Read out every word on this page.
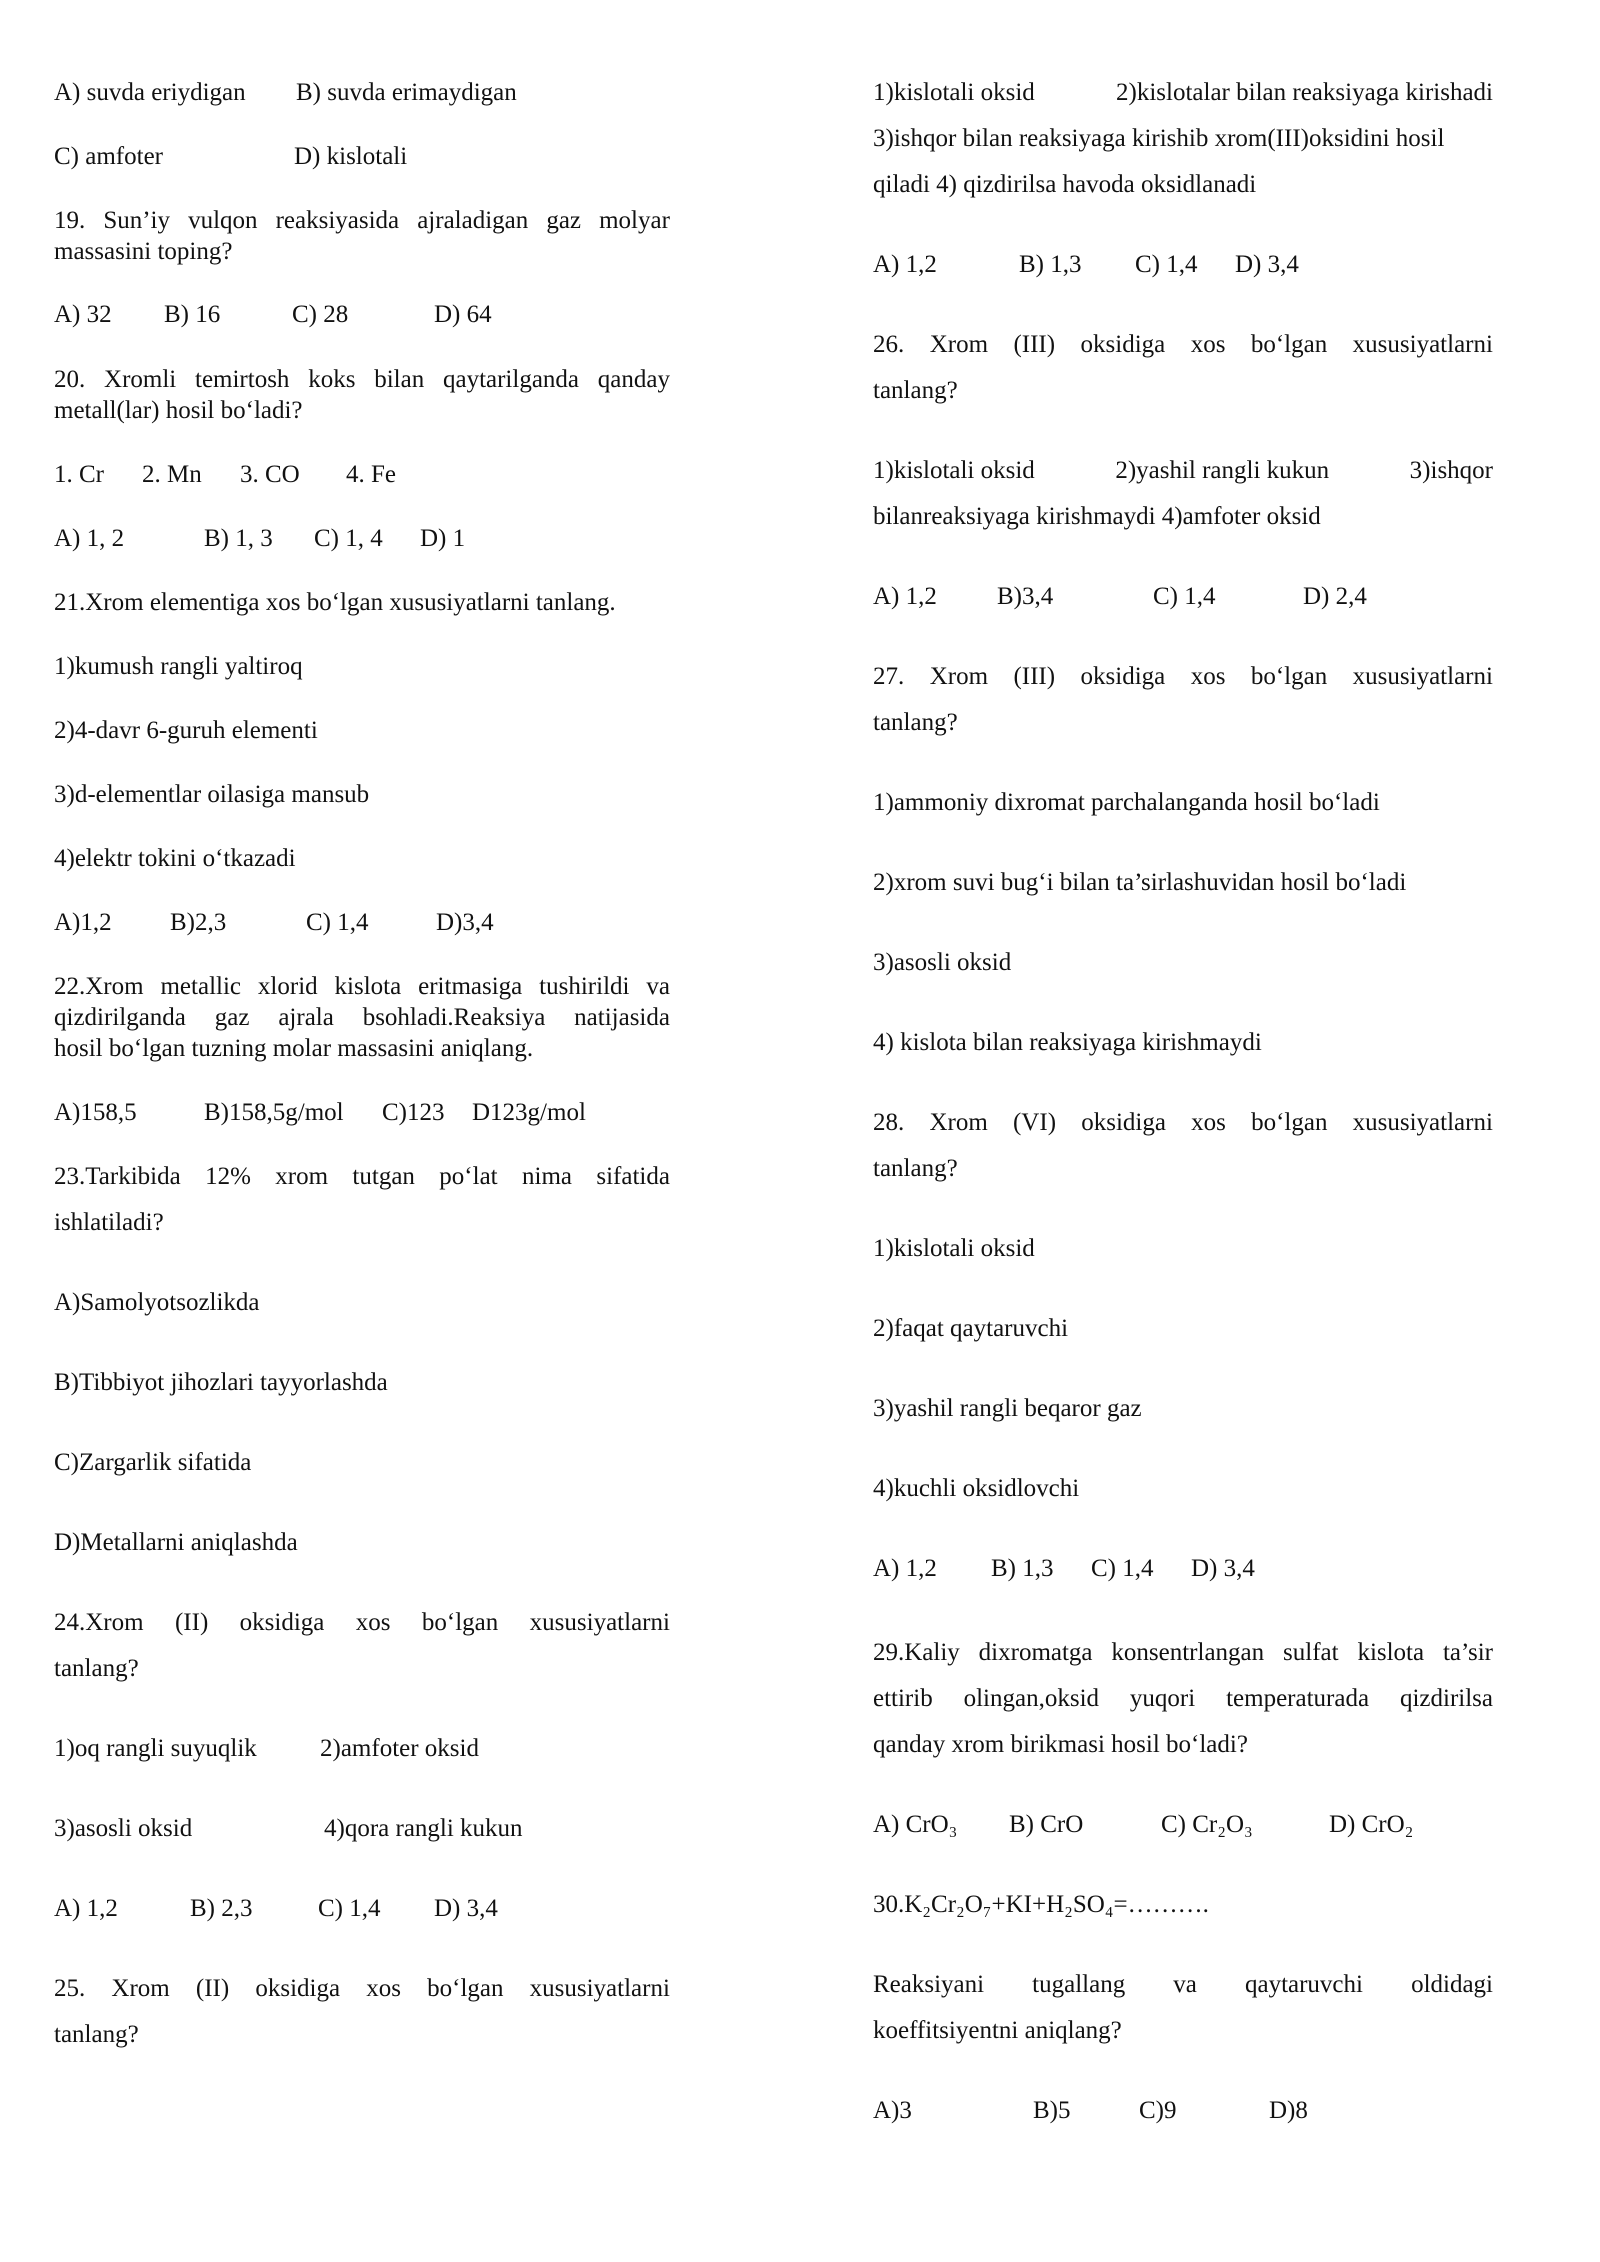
A) suvda eriydigan B) suvda erimaydigan
C) amfoter	D) kislotali
19. Sun’iy vulqon reaksiyasida ajraladigan gaz molyar
massasini toping?
A) 32 B) 16	C) 28	D) 64
20. Xromli temirtosh koks bilan qaytarilganda qanday
metall(lar) hosil bo‘ladi?
1. Cr 2. Mn 3. CO 4. Fe
A) 1, 2	B) 1, 3 C) 1, 4 D) 1
21.Xrom elementiga xos bo‘lgan xususiyatlarni tanlang.
1)kumush rangli yaltiroq
2)4-davr 6-guruh elementi
3)d-elementlar oilasiga mansub
4)elektr tokini o‘tkazadi
A)1,2 B)2,3	C) 1,4	D)3,4
22.Xrom metallic xlorid kislota eritmasiga tushirildi va
qizdirilganda gaz ajrala bsohladi.Reaksiya natijasida
hosil bo‘lgan tuzning molar massasini aniqlang.
A)158,5	B)158,5g/mol C)123 D123g/mol
23.Tarkibida 12% xrom tutgan po‘lat nima sifatida
ishlatiladi?
A)Samolyotsozlikda
B)Tibbiyot jihozlari tayyorlashda
C)Zargarlik sifatida
D)Metallarni aniqlashda
24.Xrom (II) oksidiga xos bo‘lgan xususiyatlarni
tanlang?
1)oq rangli suyuqlik	2)amfoter oksid
3)asosli oksid	4)qora rangli kukun
A) 1,2	B) 2,3	C) 1,4 D) 3,4
25. Xrom (II) oksidiga xos bo‘lgan xususiyatlarni
tanlang?
1)kislotali oksid	2)kislotalar bilan reaksiyaga kirishadi
3)ishqor bilan reaksiyaga kirishib xrom(III)oksidini hosil
qiladi 4) qizdirilsa havoda oksidlanadi
A) 1,2	B) 1,3 C) 1,4 D) 3,4
26. Xrom (III) oksidiga xos bo‘lgan xususiyatlarni
tanlang?
1)kislotali oksid	2)yashil rangli kukun	3)ishqor
bilanreaksiyaga kirishmaydi 4)amfoter oksid
A) 1,2 B)3,4	C) 1,4	D) 2,4
27. Xrom (III) oksidiga xos bo‘lgan xususiyatlarni
tanlang?
1)ammoniy dixromat parchalanganda hosil bo‘ladi
2)xrom suvi bug‘i bilan ta’sirlashuvidan hosil bo‘ladi
3)asosli oksid
4) kislota bilan reaksiyaga kirishmaydi
28. Xrom (VI) oksidiga xos bo‘lgan xususiyatlarni
tanlang?
1)kislotali oksid
2)faqat qaytaruvchi
3)yashil rangli beqaror gaz
4)kuchli oksidlovchi
A) 1,2 B) 1,3 C) 1,4 D) 3,4
29.Kaliy dixromatga konsentrlangan sulfat kislota ta’sir
ettirib olingan,oksid yuqori temperaturada qizdirilsa
qanday xrom birikmasi hosil bo‘ladi?
A) CrO₃ B) CrO	C) Cr₂O₃	D) CrO₂
30.K₂Cr₂O₇+KI+H₂SO₄=……….
Reaksiyani tugallang va qaytaruvchi oldidagi
koeffitsiyentni aniqlang?
A)3	B)5	C)9	D)8
